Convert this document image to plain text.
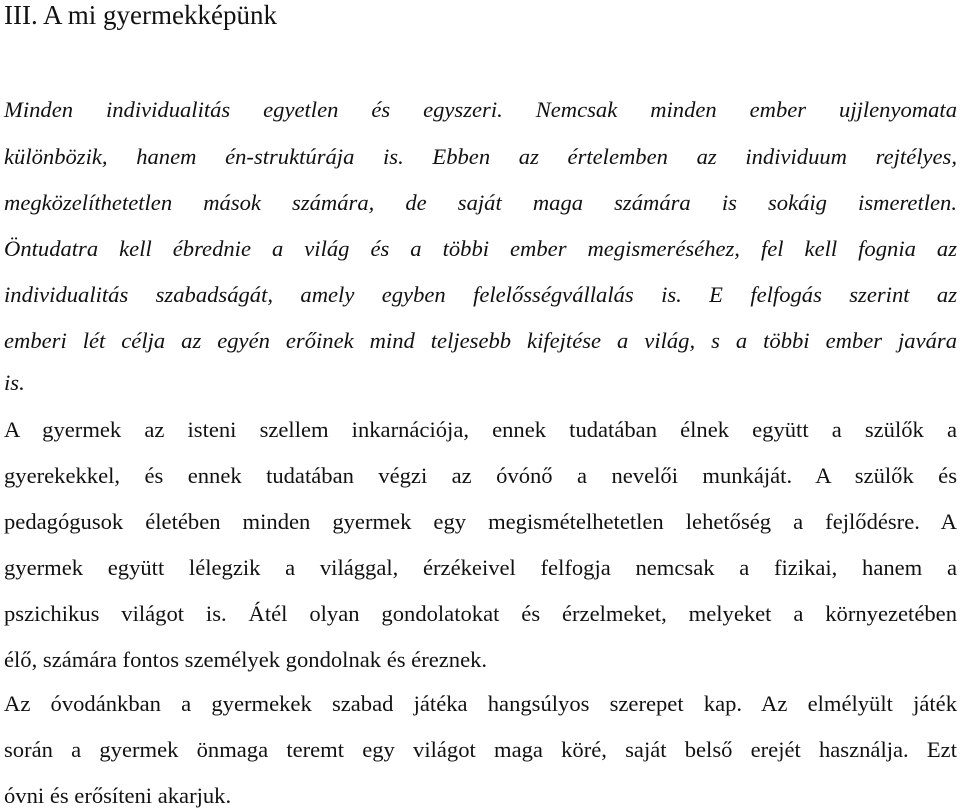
III. A mi gyermekképünk
Minden individualitás egyetlen és egyszeri. Nemcsak minden ember ujjlenyomata
különbözik, hanem én-struktúrája is. Ebben az értelemben az individuum rejtélyes,
megközelíthetetlen mások számára, de saját maga számára is sokáig ismeretlen.
Öntudatra kell ébrednie a világ és a többi ember megismeréséhez, fel kell fognia az
individualitás szabadságát, amely egyben felelősségvállalás is. E felfogás szerint az
emberi lét célja az egyén erőinek mind teljesebb kifejtése a világ, s a többi ember javára
is.
A gyermek az isteni szellem inkarnációja, ennek tudatában élnek együtt a szülők a
gyerekekkel, és ennek tudatában végzi az óvónő a nevelői munkáját. A szülők és
pedagógusok életében minden gyermek egy megismételhetetlen lehetőség a fejlődésre. A
gyermek együtt lélegzik a világgal, érzékeivel felfogja nemcsak a fizikai, hanem a
pszichikus világot is. Átél olyan gondolatokat és érzelmeket, melyeket a környezetében
élő, számára fontos személyek gondolnak és éreznek.
Az óvodánkban a gyermekek szabad játéka hangsúlyos szerepet kap. Az elmélyült játék
során a gyermek önmaga teremt egy világot maga köré, saját belső erejét használja. Ezt
óvni és erősíteni akarjuk.
